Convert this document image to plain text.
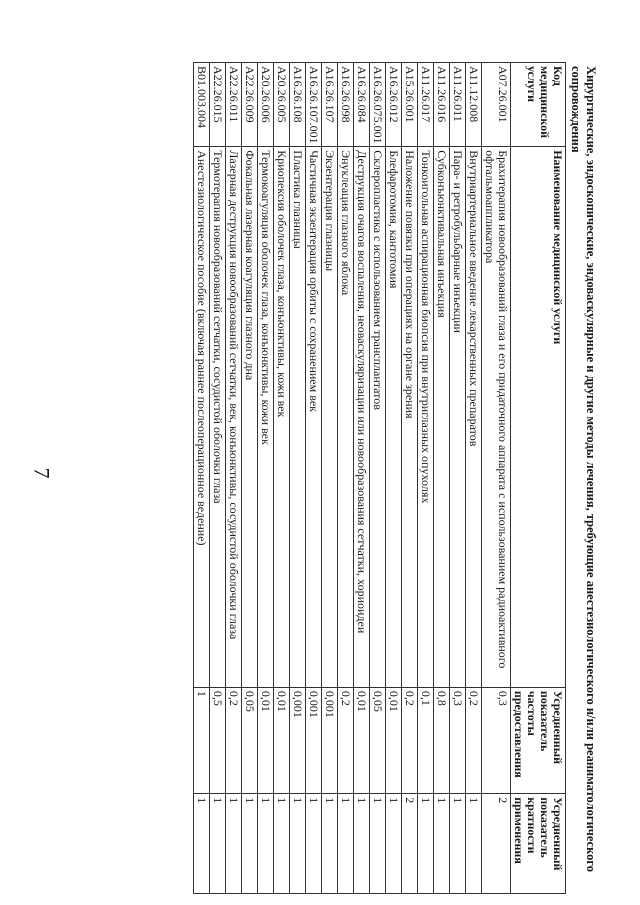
7	Хирургические, эндоскопические, эндоваскулярные и другие методы лечения, требующие анестезиологического и/или реаниматологического сопровождения
Код медицинской услуги	Наименование медицинской услуги	Усредненный показатель частоты предоставления	Усредненный показатель кратности применения
A07.26.001	Брахитерапия новообразований глаза и его придаточного аппарата с использованием радиоактивного офтальмоаппликатора	0,3	2
A11.12.008	Внутриартериальное введение лекарственных препаратов	0,2	1
A11.26.011	Пара- и ретробульбарные инъекции	0,3	1
A11.26.016	Субконъюнктивальная инъекция	0,8	1
A11.26.017	Тонкоигольная аспирационная биопсия при внутриглазных опухолях	0,1	1
A15.26.001	Наложение повязки при операциях на органе зрения	0,2	2
A16.26.012	Блефаротомия, кантотомия	0,01	1
A16.26.075.001	Склеропластика с использованием трансплантатов	0,05	1
A16.26.084	Деструкция очагов воспаления, неоваскуляризации или новообразования сетчатки, хориоидеи	0,01	1
A16.26.098	Энуклеация глазного яблока	0,2	1
A16.26.107	Экзентерация глазницы	0,001	1
A16.26.107.001	Частичная экзентерация орбиты с сохранением век	0,001	1
A16.26.108	Пластика глазницы	0,001	1
A20.26.005	Криопексия оболочек глаза, конъюнктивы, кожи век	0,01	1
A20.26.006	Термокоагуляция оболочек глаза, конъюнктивы, кожи век	0,01	1
A22.26.009	Фокальная лазерная коагуляция глазного дна	0,05	1
A22.26.011	Лазерная деструкция новообразований сетчатки, век, конъюнктивы, сосудистой оболочки глаза	0,2	1
A22.26.015	Термотерапия новообразований сетчатки, сосудистой оболочки глаза	0,5	1
B01.003.004	Анестезиологическое пособие (включая раннее послеоперационное ведение)	1	1
